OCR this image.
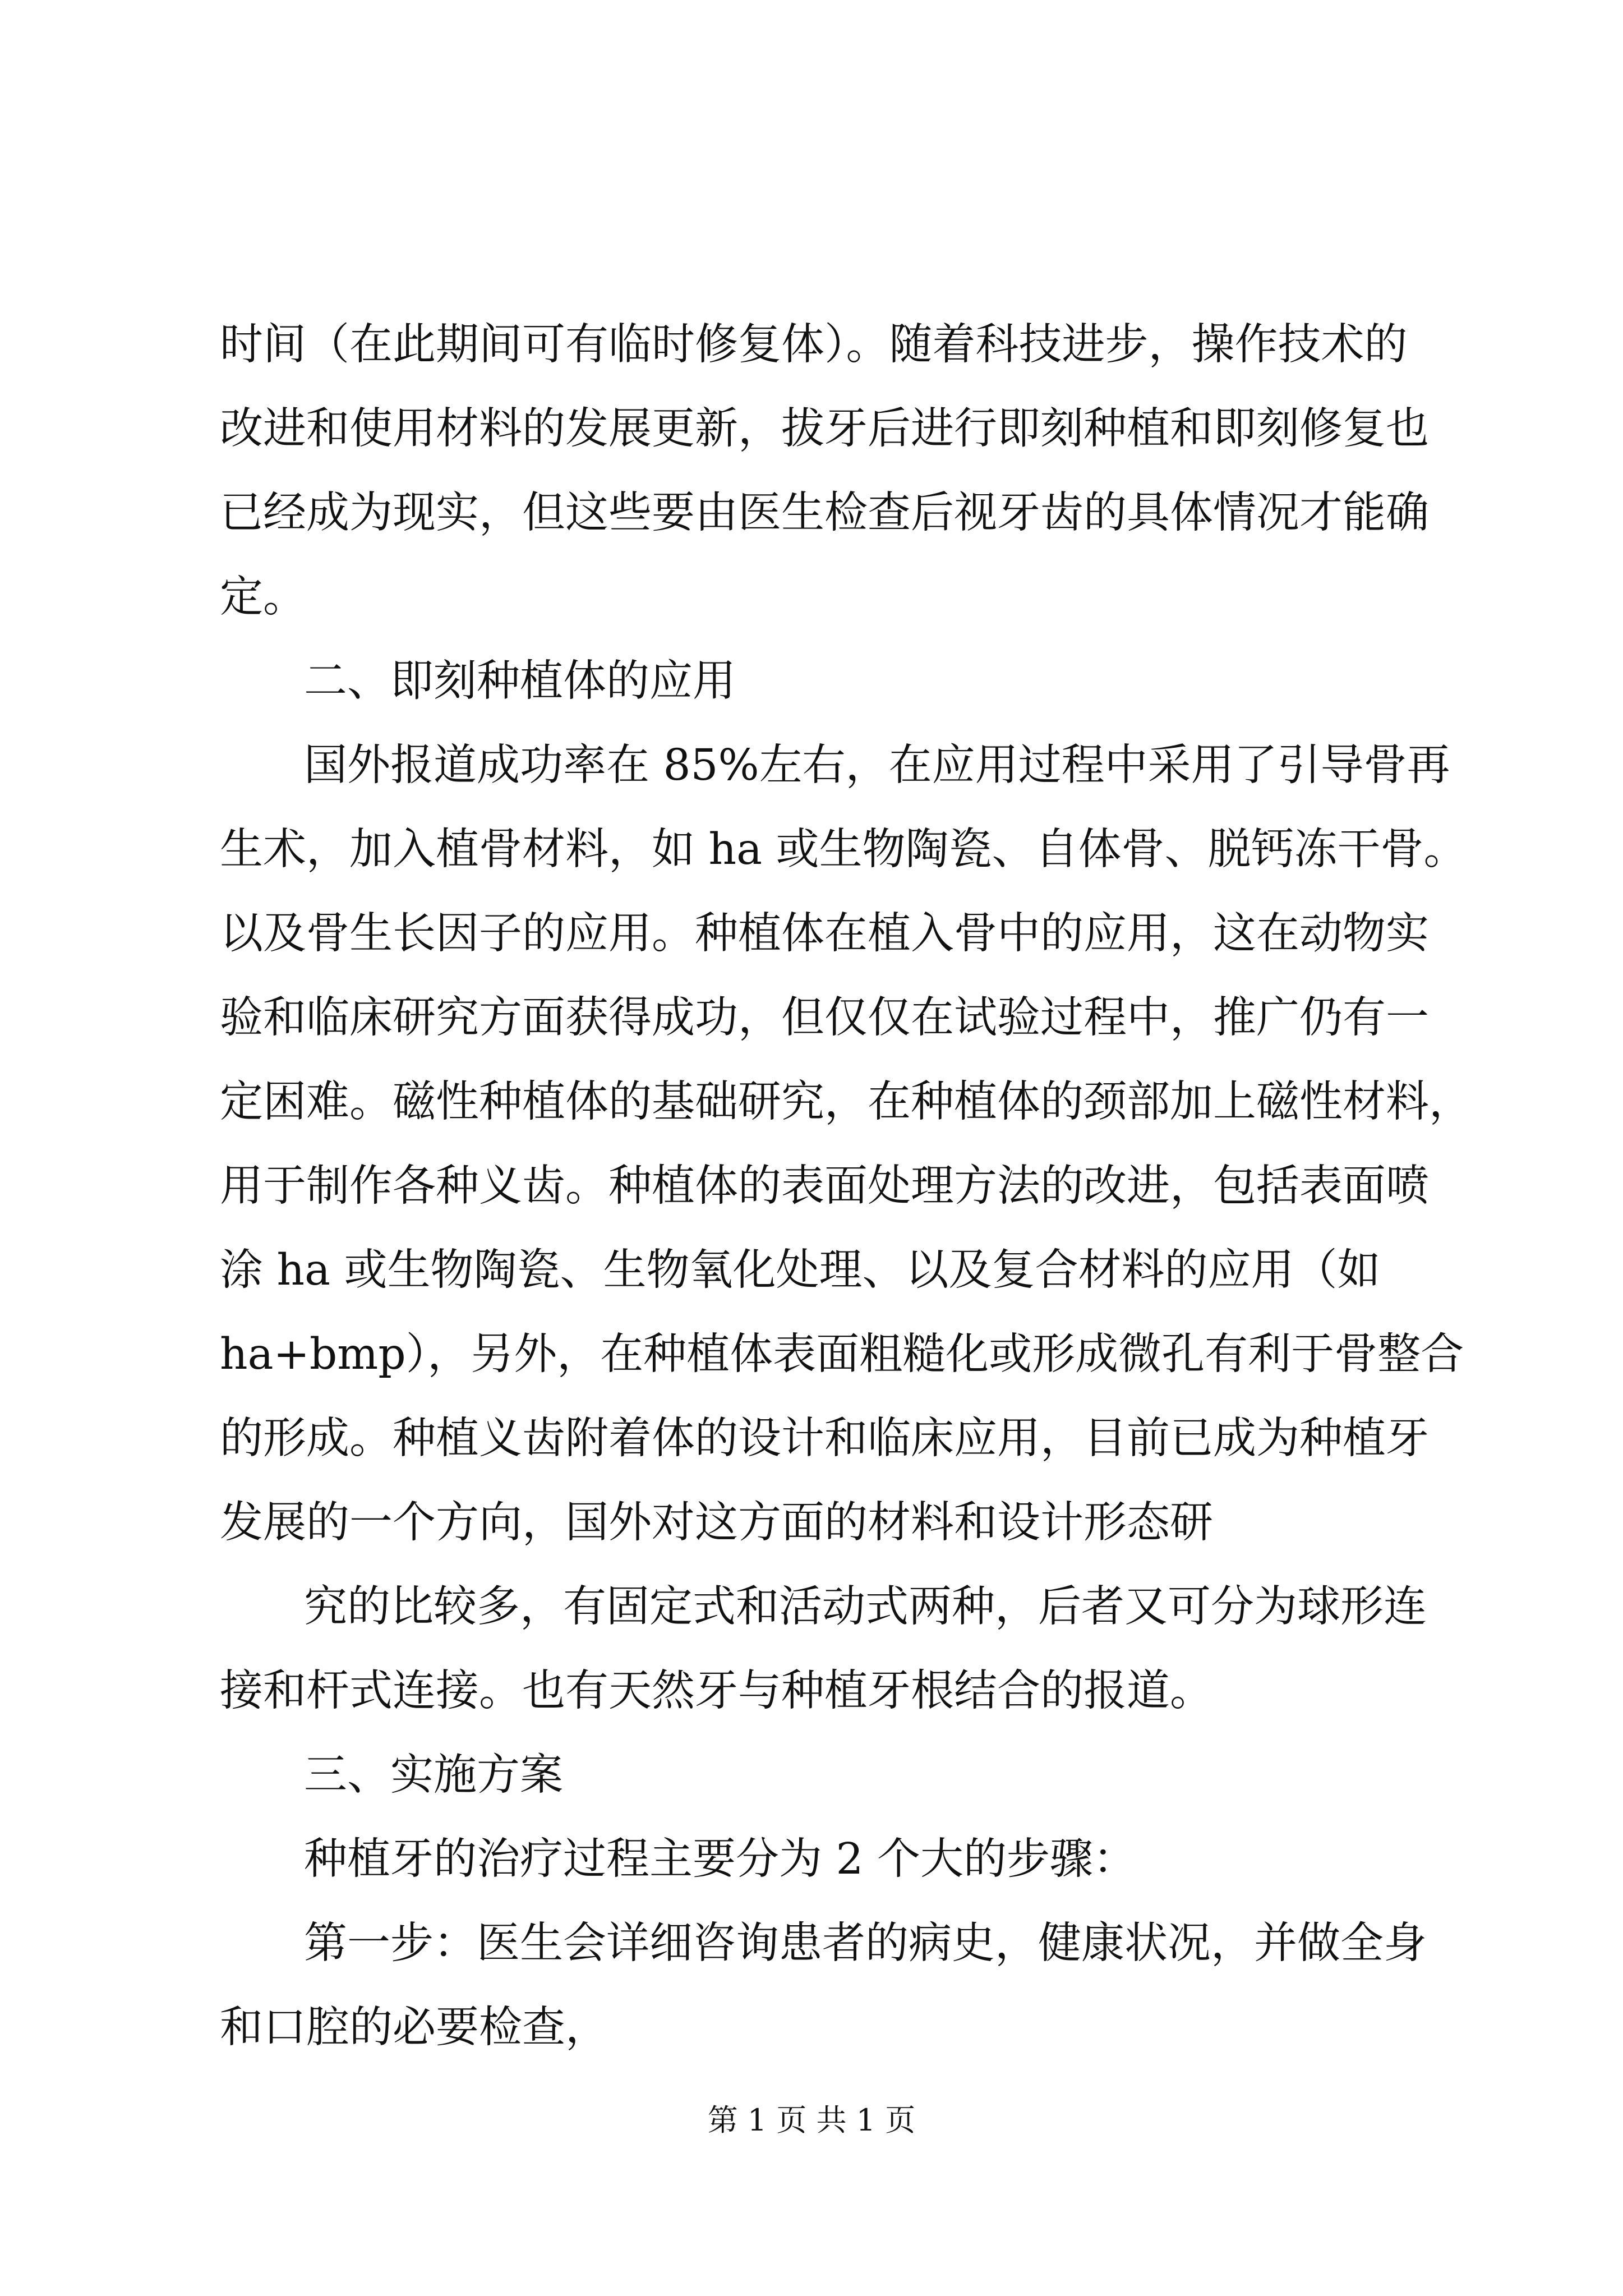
时间（在此期间可有临时修复体）。随着科技进步，操作技术的
改进和使用材料的发展更新，拔牙后进行即刻种植和即刻修复也
已经成为现实，但这些要由医生检查后视牙齿的具体情况才能确
定。
二、即刻种植体的应用
国外报道成功率在 85%左右，在应用过程中采用了引导骨再
生术，加入植骨材料，如 ha 或生物陶瓷、自体骨、脱钙冻干骨。
以及骨生长因子的应用。种植体在植入骨中的应用，这在动物实
验和临床研究方面获得成功，但仅仅在试验过程中，推广仍有一
定困难。磁性种植体的基础研究，在种植体的颈部加上磁性材料，
用于制作各种义齿。种植体的表面处理方法的改进，包括表面喷
涂 ha 或生物陶瓷、生物氧化处理、以及复合材料的应用（如
ha+bmp），另外，在种植体表面粗糙化或形成微孔有利于骨整合
的形成。种植义齿附着体的设计和临床应用，目前已成为种植牙
发展的一个方向，国外对这方面的材料和设计形态研
究的比较多，有固定式和活动式两种，后者又可分为球形连
接和杆式连接。也有天然牙与种植牙根结合的报道。
三、实施方案
种植牙的治疗过程主要分为 2 个大的步骤：
第一步：医生会详细咨询患者的病史，健康状况，并做全身
和口腔的必要检查，
第 1 页 共 1 页
